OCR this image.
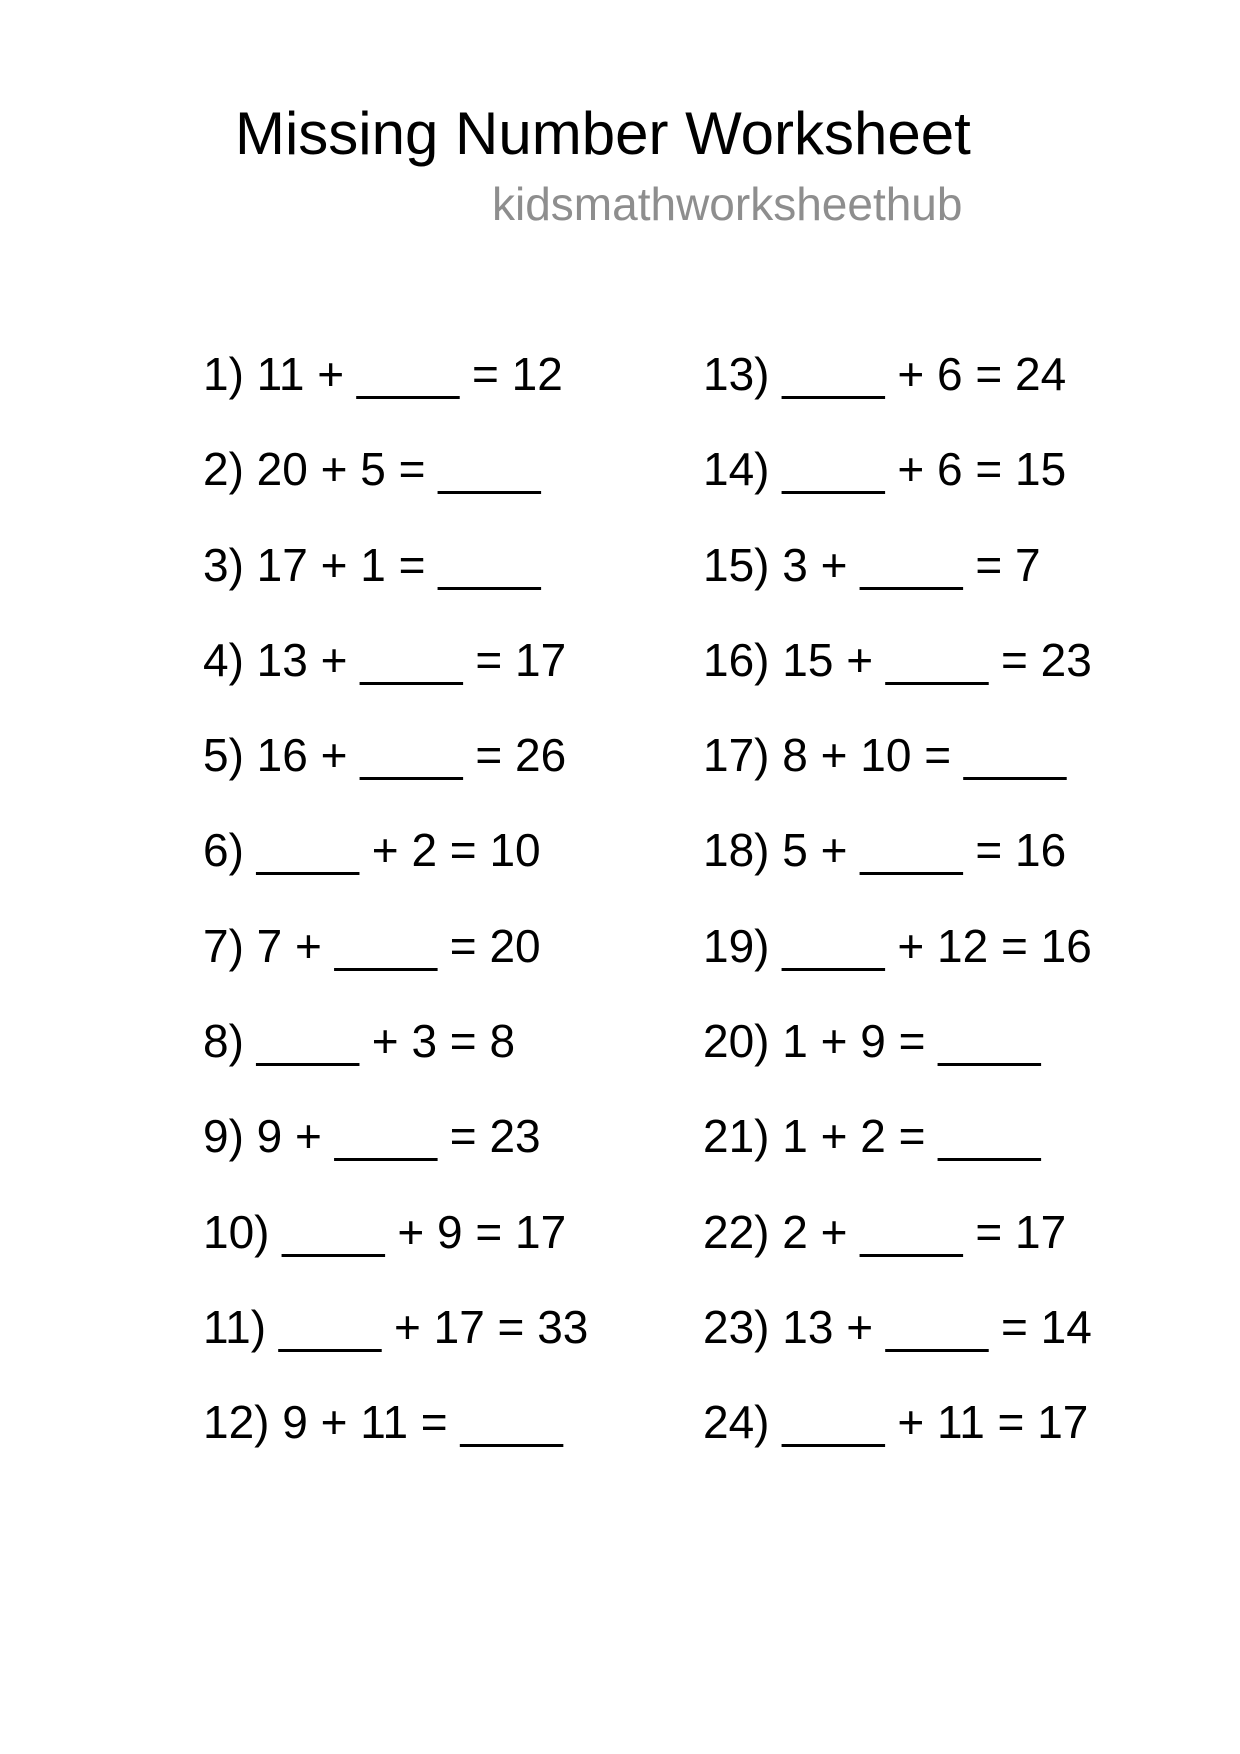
Missing Number Worksheet
kidsmathworksheethub
1) 11 + ____ = 12
2) 20 + 5 = ____
3) 17 + 1 = ____
4) 13 + ____ = 17
5) 16 + ____ = 26
6) ____ + 2 = 10
7) 7 + ____ = 20
8) ____ + 3 = 8
9) 9 + ____ = 23
10) ____ + 9 = 17
11) ____ + 17 = 33
12) 9 + 11 = ____
13) ____ + 6 = 24
14) ____ + 6 = 15
15) 3 + ____ = 7
16) 15 + ____ = 23
17) 8 + 10 = ____
18) 5 + ____ = 16
19) ____ + 12 = 16
20) 1 + 9 = ____
21) 1 + 2 = ____
22) 2 + ____ = 17
23) 13 + ____ = 14
24) ____ + 11 = 17
